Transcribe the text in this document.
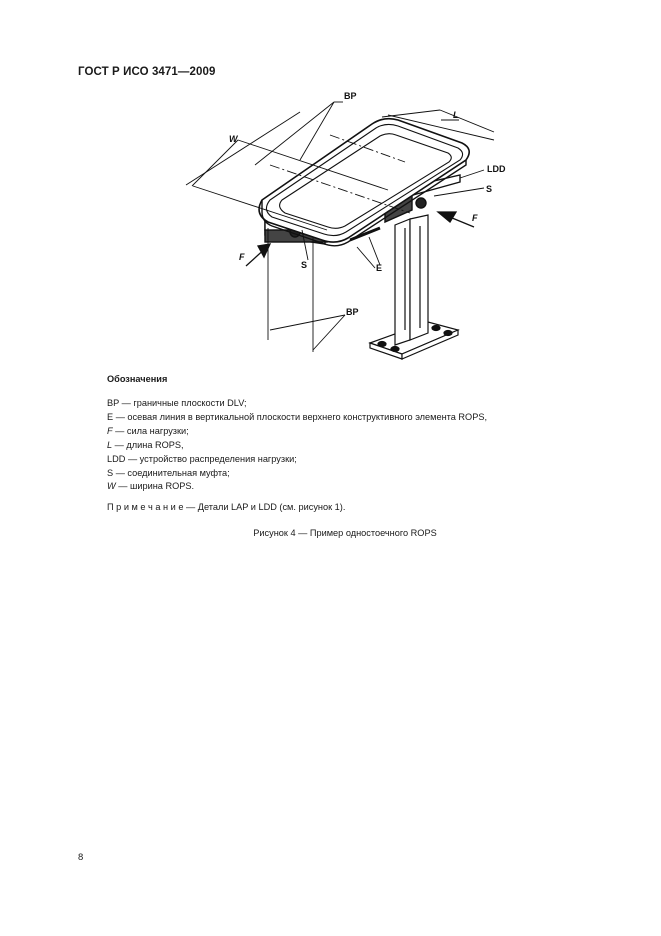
ГОСТ Р ИСО 3471—2009
BP
W
L
LDD
S
F
F
S	E
BP
Обозначения
BP — граничные плоскости DLV;
E — осевая линия в вертикальной плоскости верхнего конструктивного элемента ROPS,
F — сила нагрузки;
L — длина ROPS,
LDD — устройство распределения нагрузки;
S — соединительная муфта;
W — ширина ROPS.
П р и м е ч а н и е — Детали LAP и LDD (см. рисунок 1).
Рисунок 4 — Пример одностоечного ROPS
8
